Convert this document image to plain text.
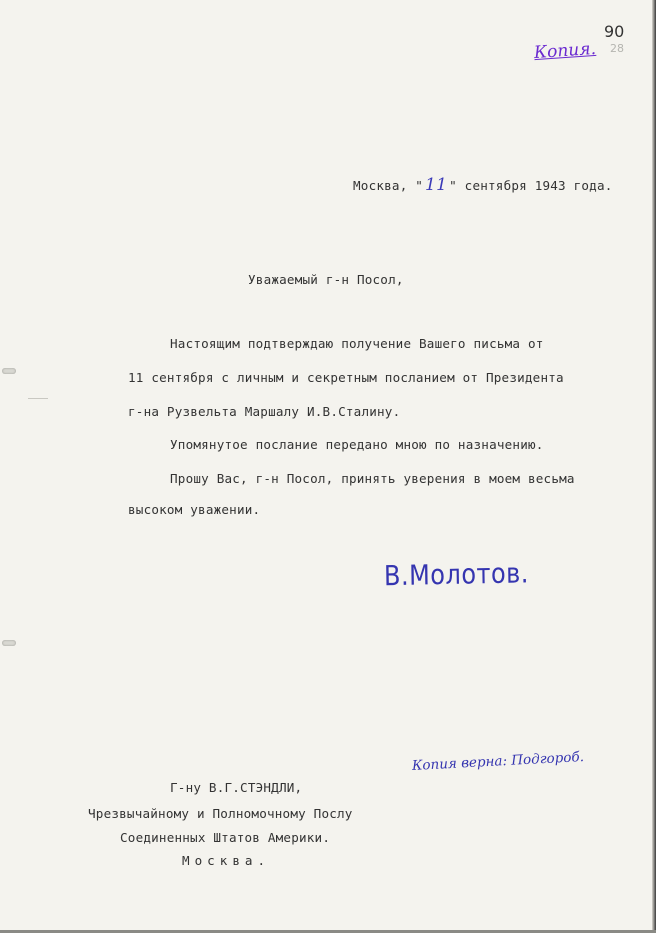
Копия.
90
28
Москва, " 11 " сентября 1943 года.
Уважаемый г-н Посол,
Настоящим подтверждаю получение Вашего письма от
11 сентября с личным и секретным посланием от Президента
г-на Рузвельта Маршалу И.В.Сталину.
Упомянутое послание передано мною по назначению.
Прошу Вас, г-н Посол, принять уверения в моем весьма
высоком уважении.
В.Молотов.
Копия верна: Подгороб.
Г-ну В.Г.СТЭНДЛИ,
Чрезвычайному и Полномочному Послу
Соединенных Штатов Америки.
Москва.
